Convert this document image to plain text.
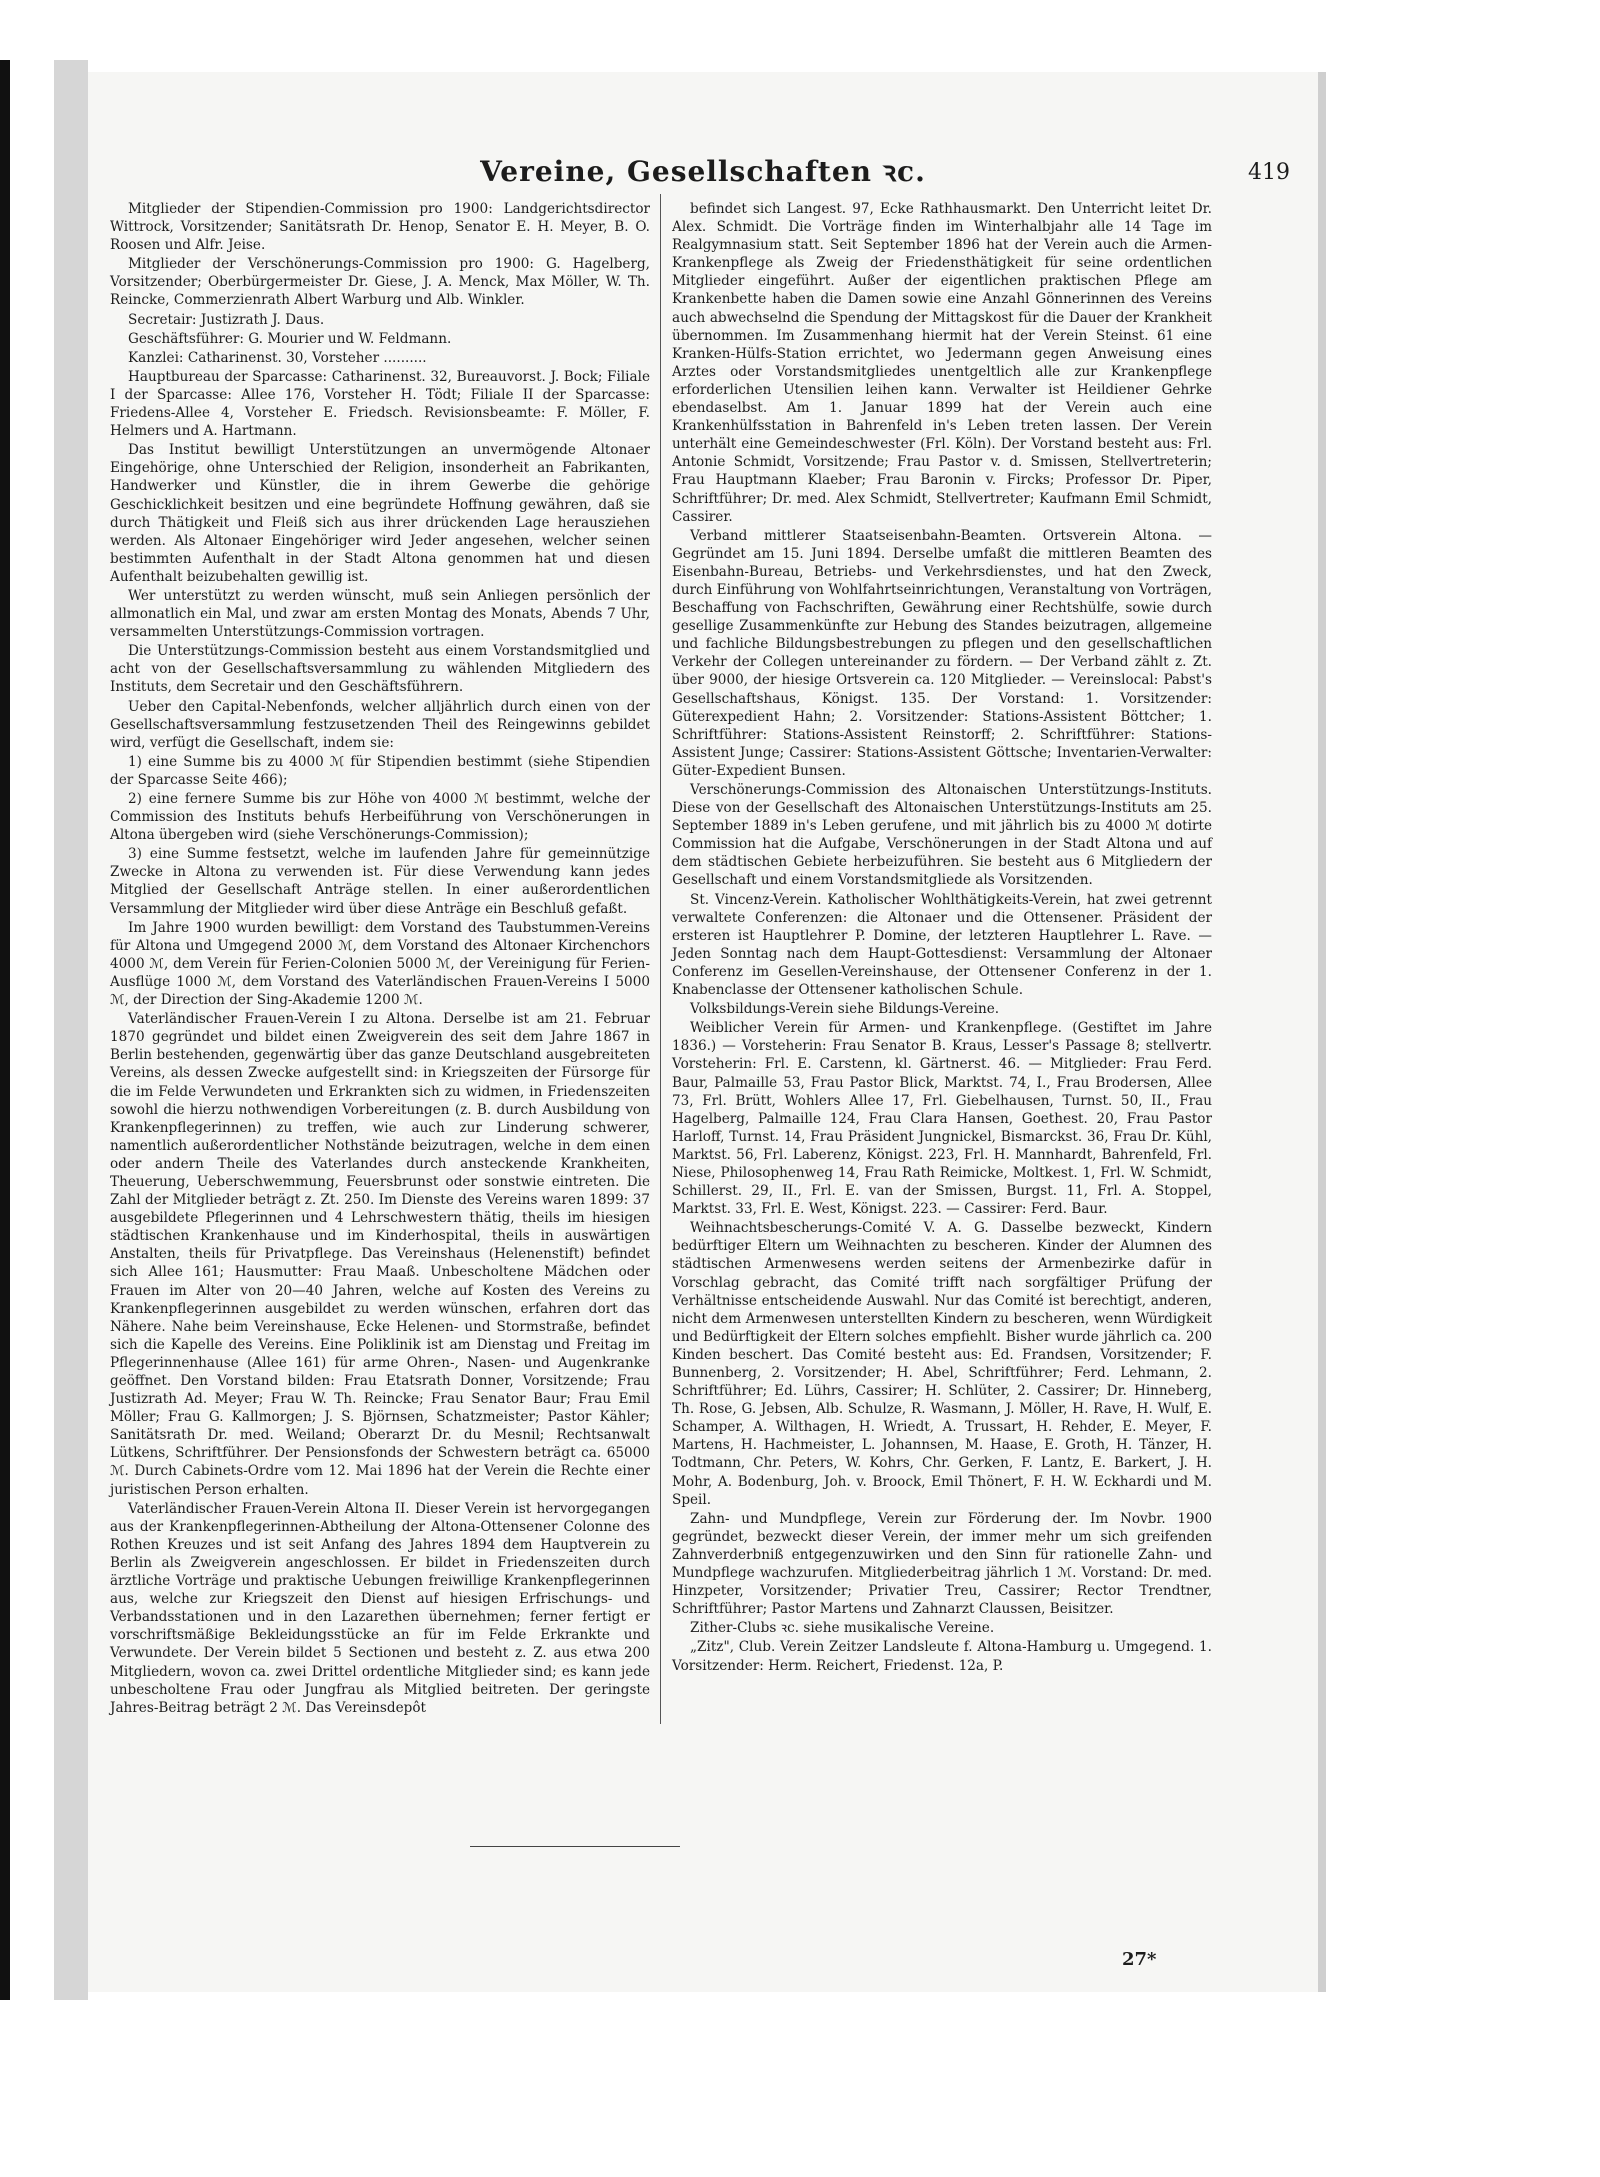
Vereine, Gesellschaften ꝛc.	419

Mitglieder der Stipendien-Commission pro 1900: Landgerichtsdirector Wittrock, Vorsitzender; Sanitätsrath Dr. Henop, Senator E. H. Meyer, B. O. Roosen und Alfr. Jeise.

Mitglieder der Verschönerungs-Commission pro 1900: G. Hagelberg, Vorsitzender; Oberbürgermeister Dr. Giese, J. A. Menck, Max Möller, W. Th. Reincke, Commerzienrath Albert Warburg und Alb. Winkler.

Secretair: Justizrath J. Daus.

Geschäftsführer: G. Mourier und W. Feldmann.

Kanzlei: Catharinenst. 30, Vorsteher ..........

Hauptbureau der Sparcasse: Catharinenst. 32, Bureauvorst. J. Bock; Filiale I der Sparcasse: Allee 176, Vorsteher H. Tödt; Filiale II der Sparcasse: Friedens-Allee 4, Vorsteher E. Friedsch. Revisionsbeamte: F. Möller, F. Helmers und A. Hartmann.

Das Institut bewilligt Unterstützungen an unvermögende Altonaer Eingehörige, ohne Unterschied der Religion, insonderheit an Fabrikanten, Handwerker und Künstler, die in ihrem Gewerbe die gehörige Geschicklichkeit besitzen und eine begründete Hoffnung gewähren, daß sie durch Thätigkeit und Fleiß sich aus ihrer drückenden Lage herausziehen werden. Als Altonaer Eingehöriger wird Jeder angesehen, welcher seinen bestimmten Aufenthalt in der Stadt Altona genommen hat und diesen Aufenthalt beizubehalten gewillig ist.

Wer unterstützt zu werden wünscht, muß sein Anliegen persönlich der allmonatlich ein Mal, und zwar am ersten Montag des Monats, Abends 7 Uhr, versammelten Unterstützungs-Commission vortragen.

Die Unterstützungs-Commission besteht aus einem Vorstandsmitglied und acht von der Gesellschaftsversammlung zu wählenden Mitgliedern des Instituts, dem Secretair und den Geschäftsführern.

Ueber den Capital-Nebenfonds, welcher alljährlich durch einen von der Gesellschaftsversammlung festzusetzenden Theil des Reingewinns gebildet wird, verfügt die Gesellschaft, indem sie:

1) eine Summe bis zu 4000 ℳ für Stipendien bestimmt (siehe Stipendien der Sparcasse Seite 466);

2) eine fernere Summe bis zur Höhe von 4000 ℳ bestimmt, welche der Commission des Instituts behufs Herbeiführung von Verschönerungen in Altona übergeben wird (siehe Verschönerungs-Commission);

3) eine Summe festsetzt, welche im laufenden Jahre für gemeinnützige Zwecke in Altona zu verwenden ist. Für diese Verwendung kann jedes Mitglied der Gesellschaft Anträge stellen. In einer außerordentlichen Versammlung der Mitglieder wird über diese Anträge ein Beschluß gefaßt.

Im Jahre 1900 wurden bewilligt: dem Vorstand des Taubstummen-Vereins für Altona und Umgegend 2000 ℳ, dem Vorstand des Altonaer Kirchenchors 4000 ℳ, dem Verein für Ferien-Colonien 5000 ℳ, der Vereinigung für Ferien-Ausflüge 1000 ℳ, dem Vorstand des Vaterländischen Frauen-Vereins I 5000 ℳ, der Direction der Sing-Akademie 1200 ℳ.

Vaterländischer Frauen-Verein I zu Altona. Derselbe ist am 21. Februar 1870 gegründet und bildet einen Zweigverein des seit dem Jahre 1867 in Berlin bestehenden, gegenwärtig über das ganze Deutschland ausgebreiteten Vereins, als dessen Zwecke aufgestellt sind: in Kriegszeiten der Fürsorge für die im Felde Verwundeten und Erkrankten sich zu widmen, in Friedenszeiten sowohl die hierzu nothwendigen Vorbereitungen (z. B. durch Ausbildung von Krankenpflegerinnen) zu treffen, wie auch zur Linderung schwerer, namentlich außerordentlicher Nothstände beizutragen, welche in dem einen oder andern Theile des Vaterlandes durch ansteckende Krankheiten, Theuerung, Ueberschwemmung, Feuersbrunst oder sonstwie eintreten. Die Zahl der Mitglieder beträgt z. Zt. 250. Im Dienste des Vereins waren 1899: 37 ausgebildete Pflegerinnen und 4 Lehrschwestern thätig, theils im hiesigen städtischen Krankenhause und im Kinderhospital, theils in auswärtigen Anstalten, theils für Privatpflege. Das Vereinshaus (Helenenstift) befindet sich Allee 161; Hausmutter: Frau Maaß. Unbescholtene Mädchen oder Frauen im Alter von 20—40 Jahren, welche auf Kosten des Vereins zu Krankenpflegerinnen ausgebildet zu werden wünschen, erfahren dort das Nähere. Nahe beim Vereinshause, Ecke Helenen- und Stormstraße, befindet sich die Kapelle des Vereins. Eine Poliklinik ist am Dienstag und Freitag im Pflegerinnenhause (Allee 161) für arme Ohren-, Nasen- und Augenkranke geöffnet. Den Vorstand bilden: Frau Etatsrath Donner, Vorsitzende; Frau Justizrath Ad. Meyer; Frau W. Th. Reincke; Frau Senator Baur; Frau Emil Möller; Frau G. Kallmorgen; J. S. Björnsen, Schatzmeister; Pastor Kähler; Sanitätsrath Dr. med. Weiland; Oberarzt Dr. du Mesnil; Rechtsanwalt Lütkens, Schriftführer. Der Pensionsfonds der Schwestern beträgt ca. 65000 ℳ. Durch Cabinets-Ordre vom 12. Mai 1896 hat der Verein die Rechte einer juristischen Person erhalten.

Vaterländischer Frauen-Verein Altona II. Dieser Verein ist hervorgegangen aus der Krankenpflegerinnen-Abtheilung der Altona-Ottensener Colonne des Rothen Kreuzes und ist seit Anfang des Jahres 1894 dem Hauptverein zu Berlin als Zweigverein angeschlossen. Er bildet in Friedenszeiten durch ärztliche Vorträge und praktische Uebungen freiwillige Krankenpflegerinnen aus, welche zur Kriegszeit den Dienst auf hiesigen Erfrischungs- und Verbandsstationen und in den Lazarethen übernehmen; ferner fertigt er vorschriftsmäßige Bekleidungsstücke an für im Felde Erkrankte und Verwundete. Der Verein bildet 5 Sectionen und besteht z. Z. aus etwa 200 Mitgliedern, wovon ca. zwei Drittel ordentliche Mitglieder sind; es kann jede unbescholtene Frau oder Jungfrau als Mitglied beitreten. Der geringste Jahres-Beitrag beträgt 2 ℳ. Das Vereinsdepôt

befindet sich Langest. 97, Ecke Rathhausmarkt. Den Unterricht leitet Dr. Alex. Schmidt. Die Vorträge finden im Winterhalbjahr alle 14 Tage im Realgymnasium statt. Seit September 1896 hat der Verein auch die Armen-Krankenpflege als Zweig der Friedensthätigkeit für seine ordentlichen Mitglieder eingeführt. Außer der eigentlichen praktischen Pflege am Krankenbette haben die Damen sowie eine Anzahl Gönnerinnen des Vereins auch abwechselnd die Spendung der Mittagskost für die Dauer der Krankheit übernommen. Im Zusammenhang hiermit hat der Verein Steinst. 61 eine Kranken-Hülfs-Station errichtet, wo Jedermann gegen Anweisung eines Arztes oder Vorstandsmitgliedes unentgeltlich alle zur Krankenpflege erforderlichen Utensilien leihen kann. Verwalter ist Heildiener Gehrke ebendaselbst. Am 1. Januar 1899 hat der Verein auch eine Krankenhülfsstation in Bahrenfeld in's Leben treten lassen. Der Verein unterhält eine Gemeindeschwester (Frl. Köln). Der Vorstand besteht aus: Frl. Antonie Schmidt, Vorsitzende; Frau Pastor v. d. Smissen, Stellvertreterin; Frau Hauptmann Klaeber; Frau Baronin v. Fircks; Professor Dr. Piper, Schriftführer; Dr. med. Alex Schmidt, Stellvertreter; Kaufmann Emil Schmidt, Cassirer.

Verband mittlerer Staatseisenbahn-Beamten. Ortsverein Altona. — Gegründet am 15. Juni 1894. Derselbe umfaßt die mittleren Beamten des Eisenbahn-Bureau, Betriebs- und Verkehrsdienstes, und hat den Zweck, durch Einführung von Wohlfahrtseinrichtungen, Veranstaltung von Vorträgen, Beschaffung von Fachschriften, Gewährung einer Rechtshülfe, sowie durch gesellige Zusammenkünfte zur Hebung des Standes beizutragen, allgemeine und fachliche Bildungsbestrebungen zu pflegen und den gesellschaftlichen Verkehr der Collegen untereinander zu fördern. — Der Verband zählt z. Zt. über 9000, der hiesige Ortsverein ca. 120 Mitglieder. — Vereinslocal: Pabst's Gesellschaftshaus, Königst. 135. Der Vorstand: 1. Vorsitzender: Güterexpedient Hahn; 2. Vorsitzender: Stations-Assistent Böttcher; 1. Schriftführer: Stations-Assistent Reinstorff; 2. Schriftführer: Stations-Assistent Junge; Cassirer: Stations-Assistent Göttsche; Inventarien-Verwalter: Güter-Expedient Bunsen.

Verschönerungs-Commission des Altonaischen Unterstützungs-Instituts. Diese von der Gesellschaft des Altonaischen Unterstützungs-Instituts am 25. September 1889 in's Leben gerufene, und mit jährlich bis zu 4000 ℳ dotirte Commission hat die Aufgabe, Verschönerungen in der Stadt Altona und auf dem städtischen Gebiete herbeizuführen. Sie besteht aus 6 Mitgliedern der Gesellschaft und einem Vorstandsmitgliede als Vorsitzenden.

St. Vincenz-Verein. Katholischer Wohlthätigkeits-Verein, hat zwei getrennt verwaltete Conferenzen: die Altonaer und die Ottensener. Präsident der ersteren ist Hauptlehrer P. Domine, der letzteren Hauptlehrer L. Rave. — Jeden Sonntag nach dem Haupt-Gottesdienst: Versammlung der Altonaer Conferenz im Gesellen-Vereinshause, der Ottensener Conferenz in der 1. Knabenclasse der Ottensener katholischen Schule.

Volksbildungs-Verein siehe Bildungs-Vereine.

Weiblicher Verein für Armen- und Krankenpflege. (Gestiftet im Jahre 1836.) — Vorsteherin: Frau Senator B. Kraus, Lesser's Passage 8; stellvertr. Vorsteherin: Frl. E. Carstenn, kl. Gärtnerst. 46. — Mitglieder: Frau Ferd. Baur, Palmaille 53, Frau Pastor Blick, Marktst. 74, I., Frau Brodersen, Allee 73, Frl. Brütt, Wohlers Allee 17, Frl. Giebelhausen, Turnst. 50, II., Frau Hagelberg, Palmaille 124, Frau Clara Hansen, Goethest. 20, Frau Pastor Harloff, Turnst. 14, Frau Präsident Jungnickel, Bismarckst. 36, Frau Dr. Kühl, Marktst. 56, Frl. Laberenz, Königst. 223, Frl. H. Mannhardt, Bahrenfeld, Frl. Niese, Philosophenweg 14, Frau Rath Reimicke, Moltkest. 1, Frl. W. Schmidt, Schillerst. 29, II., Frl. E. van der Smissen, Burgst. 11, Frl. A. Stoppel, Marktst. 33, Frl. E. West, Königst. 223. — Cassirer: Ferd. Baur.

Weihnachtsbescherungs-Comité V. A. G. Dasselbe bezweckt, Kindern bedürftiger Eltern um Weihnachten zu bescheren. Kinder der Alumnen des städtischen Armenwesens werden seitens der Armenbezirke dafür in Vorschlag gebracht, das Comité trifft nach sorgfältiger Prüfung der Verhältnisse entscheidende Auswahl. Nur das Comité ist berechtigt, anderen, nicht dem Armenwesen unterstellten Kindern zu bescheren, wenn Würdigkeit und Bedürftigkeit der Eltern solches empfiehlt. Bisher wurde jährlich ca. 200 Kinden beschert. Das Comité besteht aus: Ed. Frandsen, Vorsitzender; F. Bunnenberg, 2. Vorsitzender; H. Abel, Schriftführer; Ferd. Lehmann, 2. Schriftführer; Ed. Lührs, Cassirer; H. Schlüter, 2. Cassirer; Dr. Hinneberg, Th. Rose, G. Jebsen, Alb. Schulze, R. Wasmann, J. Möller, H. Rave, H. Wulf, E. Schamper, A. Wilthagen, H. Wriedt, A. Trussart, H. Rehder, E. Meyer, F. Martens, H. Hachmeister, L. Johannsen, M. Haase, E. Groth, H. Tänzer, H. Todtmann, Chr. Peters, W. Kohrs, Chr. Gerken, F. Lantz, E. Barkert, J. H. Mohr, A. Bodenburg, Joh. v. Broock, Emil Thönert, F. H. W. Eckhardi und M. Speil.

Zahn- und Mundpflege, Verein zur Förderung der. Im Novbr. 1900 gegründet, bezweckt dieser Verein, der immer mehr um sich greifenden Zahnverderbniß entgegenzuwirken und den Sinn für rationelle Zahn- und Mundpflege wachzurufen. Mitgliederbeitrag jährlich 1 ℳ. Vorstand: Dr. med. Hinzpeter, Vorsitzender; Privatier Treu, Cassirer; Rector Trendtner, Schriftführer; Pastor Martens und Zahnarzt Claussen, Beisitzer.

Zither-Clubs ꝛc. siehe musikalische Vereine.

„Zitz", Club. Verein Zeitzer Landsleute f. Altona-Hamburg u. Umgegend. 1. Vorsitzender: Herm. Reichert, Friedenst. 12a, P.

27*
